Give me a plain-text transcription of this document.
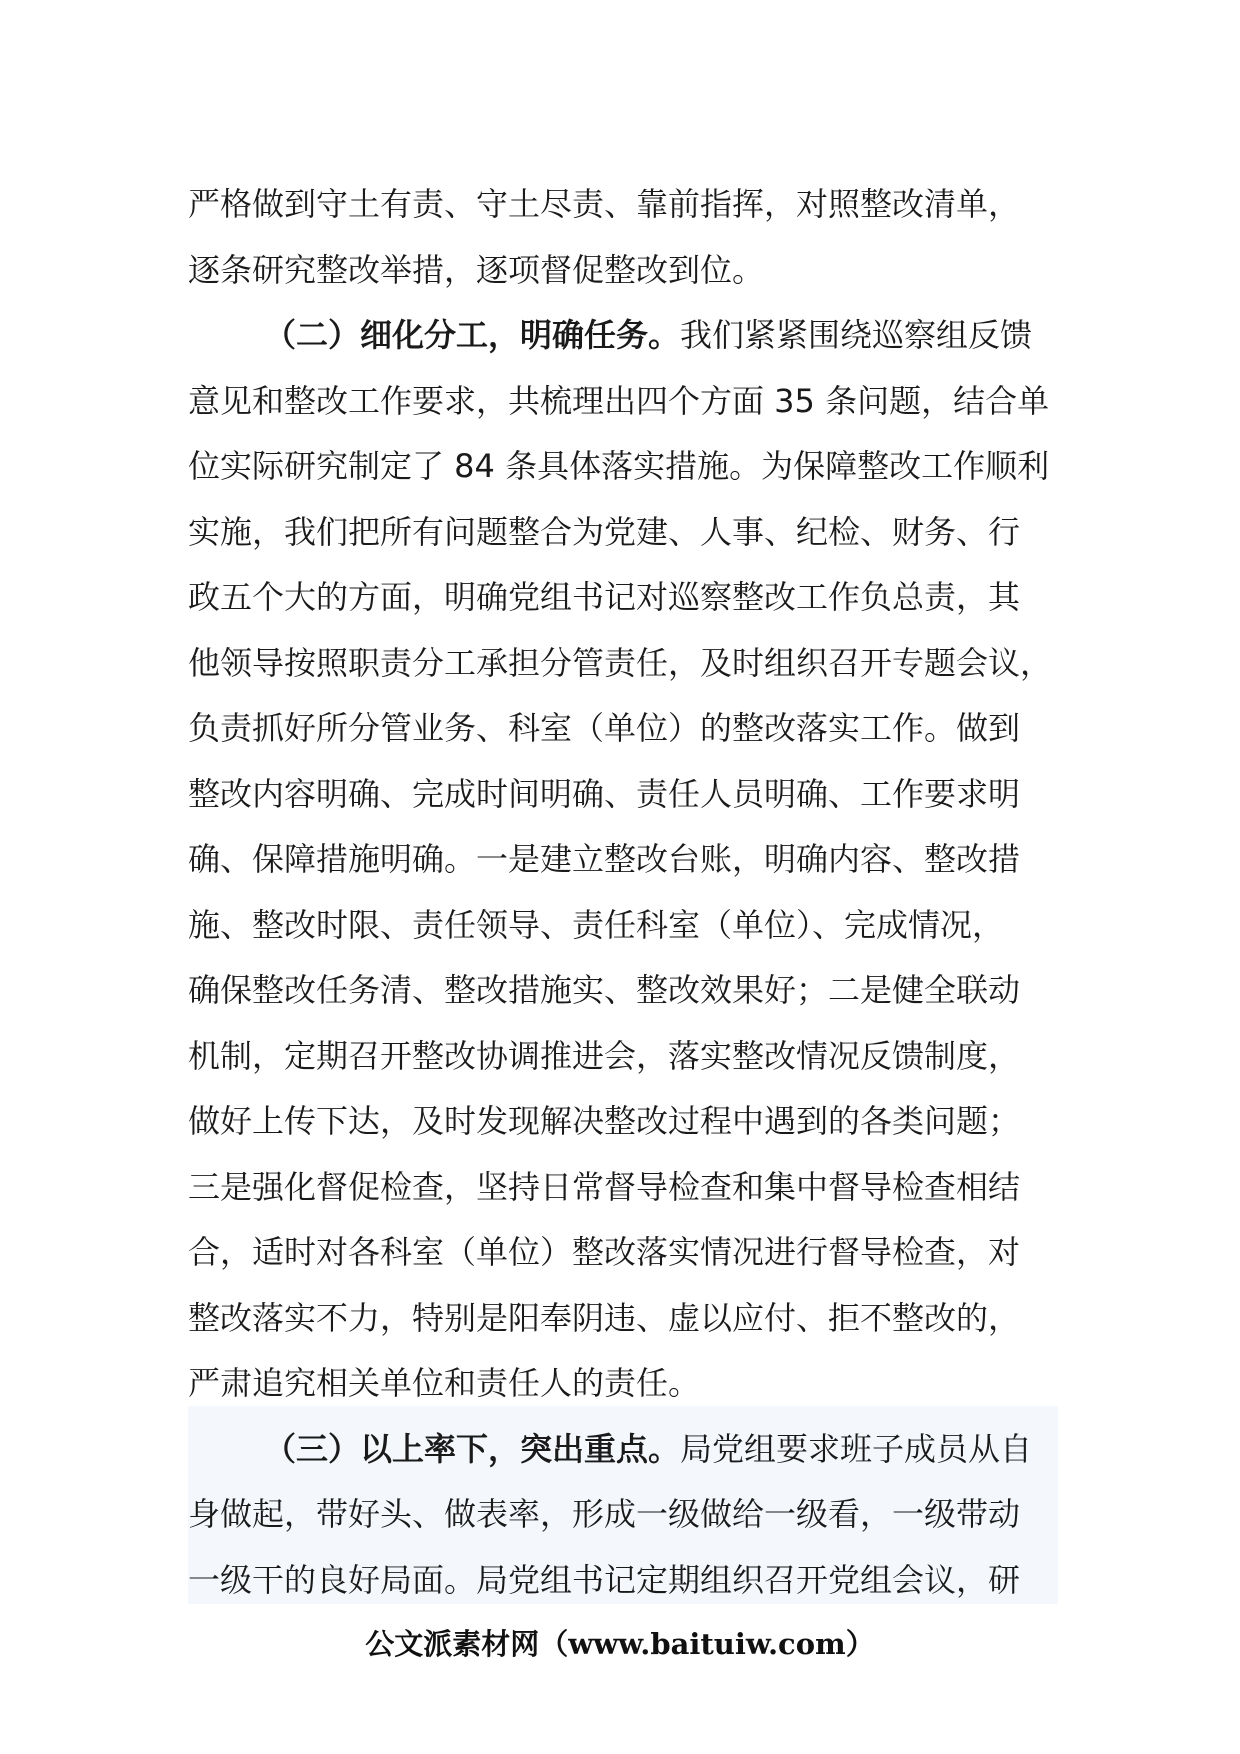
严格做到守土有责、守土尽责、靠前指挥，对照整改清单，
逐条研究整改举措，逐项督促整改到位。
（二）细化分工，明确任务。我们紧紧围绕巡察组反馈
意见和整改工作要求，共梳理出四个方面 35 条问题，结合单
位实际研究制定了 84 条具体落实措施。为保障整改工作顺利
实施，我们把所有问题整合为党建、人事、纪检、财务、行
政五个大的方面，明确党组书记对巡察整改工作负总责，其
他领导按照职责分工承担分管责任，及时组织召开专题会议，
负责抓好所分管业务、科室（单位）的整改落实工作。做到
整改内容明确、完成时间明确、责任人员明确、工作要求明
确、保障措施明确。一是建立整改台账，明确内容、整改措
施、整改时限、责任领导、责任科室（单位）、完成情况，
确保整改任务清、整改措施实、整改效果好；二是健全联动
机制，定期召开整改协调推进会，落实整改情况反馈制度，
做好上传下达，及时发现解决整改过程中遇到的各类问题；
三是强化督促检查，坚持日常督导检查和集中督导检查相结
合，适时对各科室（单位）整改落实情况进行督导检查，对
整改落实不力，特别是阳奉阴违、虚以应付、拒不整改的，
严肃追究相关单位和责任人的责任。
（三）以上率下，突出重点。局党组要求班子成员从自
身做起，带好头、做表率，形成一级做给一级看，一级带动
一级干的良好局面。局党组书记定期组织召开党组会议，研
公文派素材网（www.baituiw.com）
